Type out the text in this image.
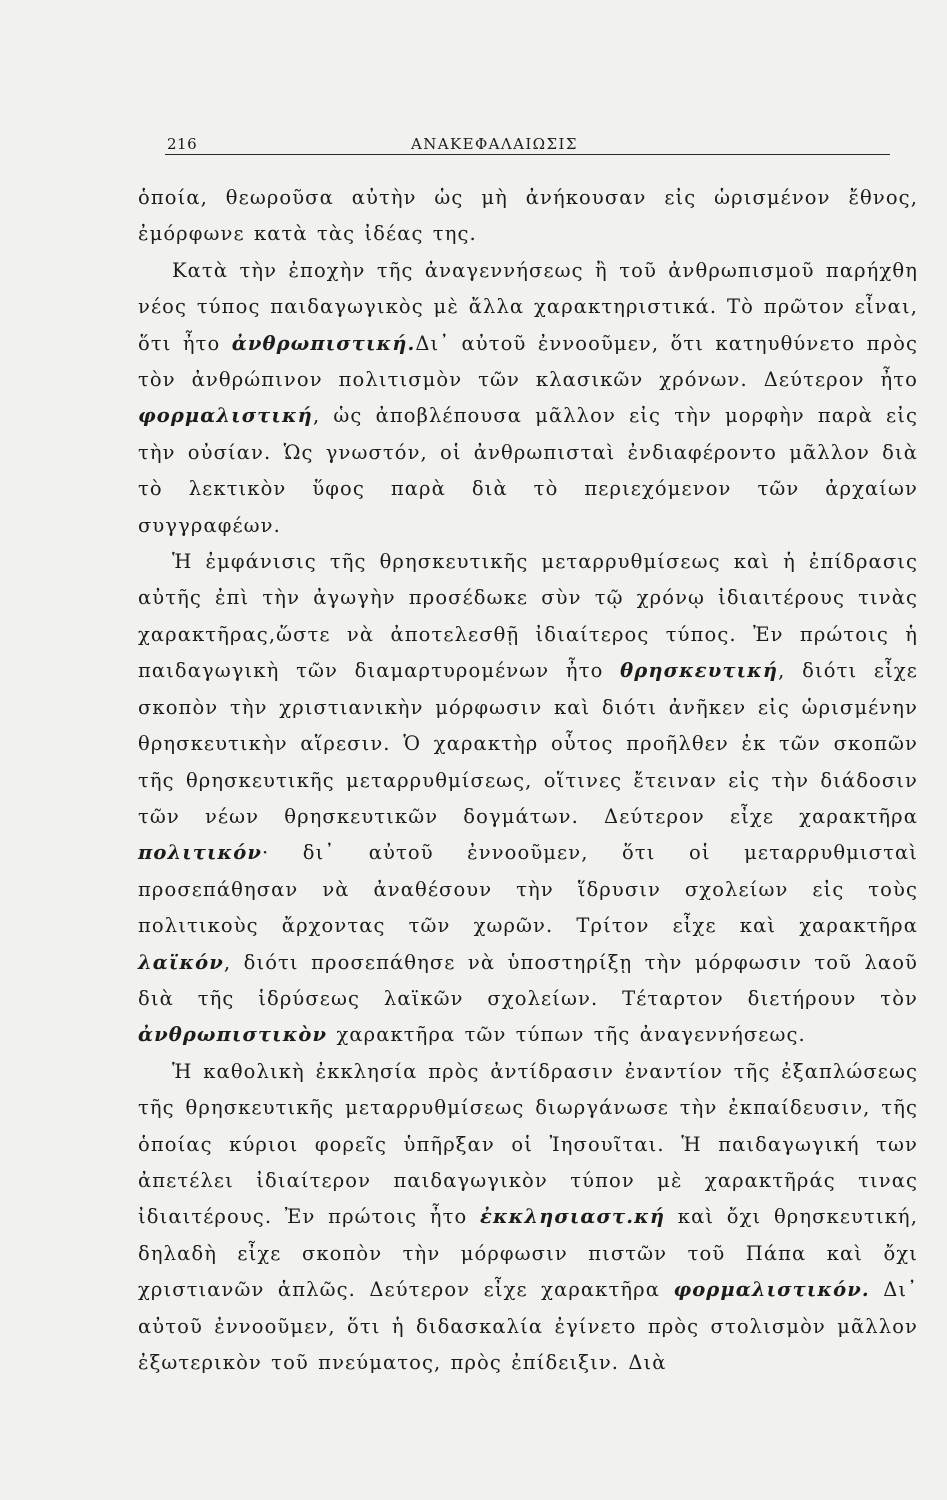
216	ΑΝΑΚΕΦΑΛΑΙΩΣΙΣ

ὁποία, θεωροῦσα αὐτὴν ὡς μὴ ἀνήκουσαν εἰς ὡρισμένον ἔθνος, ἐμόρφωνε κατὰ τὰς ἰδέας της.

Κατὰ τὴν ἐποχὴν τῆς ἀναγεννήσεως ἢ τοῦ ἀνθρωπισμοῦ παρήχθη νέος τύπος παιδαγωγικὸς μὲ ἄλλα χαρακτηριστικά. Τὸ πρῶτον εἶναι, ὅτι ἦτο ἀνθρωπιστική.Δι᾿ αὐτοῦ ἐννοοῦμεν, ὅτι κατηυθύνετο πρὸς τὸν ἀνθρώπινον πολιτισμὸν τῶν κλασικῶν χρόνων. Δεύτερον ἦτο φορμαλιστική, ὡς ἀποβλέπουσα μᾶλλον εἰς τὴν μορφὴν παρὰ εἰς τὴν οὐσίαν. Ὡς γνωστόν, οἱ ἀνθρωπισταὶ ἐνδιαφέροντο μᾶλλον διὰ τὸ λεκτικὸν ὕφος παρὰ διὰ τὸ περιεχόμενον τῶν ἀρχαίων συγγραφέων.

Ἡ ἐμφάνισις τῆς θρησκευτικῆς μεταρρυθμίσεως καὶ ἡ ἐπίδρασις αὐτῆς ἐπὶ τὴν ἀγωγὴν προσέδωκε σὺν τῷ χρόνῳ ἰδιαιτέρους τινὰς χαρακτῆρας,ὥστε νὰ ἀποτελεσθῇ ἰδιαίτερος τύπος. Ἐν πρώτοις ἡ παιδαγωγικὴ τῶν διαμαρτυρομένων ἦτο θρησκευτική, διότι εἶχε σκοπὸν τὴν χριστιανικὴν μόρφωσιν καὶ διότι ἀνῆκεν εἰς ὡρισμένην θρησκευτικὴν αἵρεσιν. Ὁ χαρακτὴρ οὗτος προῆλθεν ἐκ τῶν σκοπῶν τῆς θρησκευτικῆς μεταρρυθμίσεως, οἵτινες ἔτειναν εἰς τὴν διάδοσιν τῶν νέων θρησκευτικῶν δογμάτων. Δεύτερον εἶχε χαρακτῆρα πολιτικόν· δι᾿ αὐτοῦ ἐννοοῦμεν, ὅτι οἱ μεταρρυθμισταὶ προσεπάθησαν νὰ ἀναθέσουν τὴν ἵδρυσιν σχολείων εἰς τοὺς πολιτικοὺς ἄρχοντας τῶν χωρῶν. Τρίτον εἶχε καὶ χαρακτῆρα λαϊκόν, διότι προσεπάθησε νὰ ὑποστηρίξῃ τὴν μόρφωσιν τοῦ λαοῦ διὰ τῆς ἱδρύσεως λαϊκῶν σχολείων. Τέταρτον διετήρουν τὸν ἀνθρωπιστικὸν χαρακτῆρα τῶν τύπων τῆς ἀναγεννήσεως.

Ἡ καθολικὴ ἐκκλησία πρὸς ἀντίδρασιν ἐναντίον τῆς ἐξαπλώσεως τῆς θρησκευτικῆς μεταρρυθμίσεως διωργάνωσε τὴν ἐκπαίδευσιν, τῆς ὁποίας κύριοι φορεῖς ὑπῆρξαν οἱ Ἰησουῖται. Ἡ παιδαγωγική των ἀπετέλει ἰδιαίτερον παιδαγωγικὸν τύπον μὲ χαρακτῆράς τινας ἰδιαιτέρους. Ἐν πρώτοις ἦτο ἐκκλησιαστ.κή καὶ ὄχι θρησκευτική, δηλαδὴ εἶχε σκοπὸν τὴν μόρφωσιν πιστῶν τοῦ Πάπα καὶ ὄχι χριστιανῶν ἁπλῶς. Δεύτερον εἶχε χαρακτῆρα φορμαλιστικόν. Δι᾿ αὐτοῦ ἐννοοῦμεν, ὅτι ἡ διδασκαλία ἐγίνετο πρὸς στολισμὸν μᾶλλον ἐξωτερικὸν τοῦ πνεύματος, πρὸς ἐπίδειξιν. Διὰ
